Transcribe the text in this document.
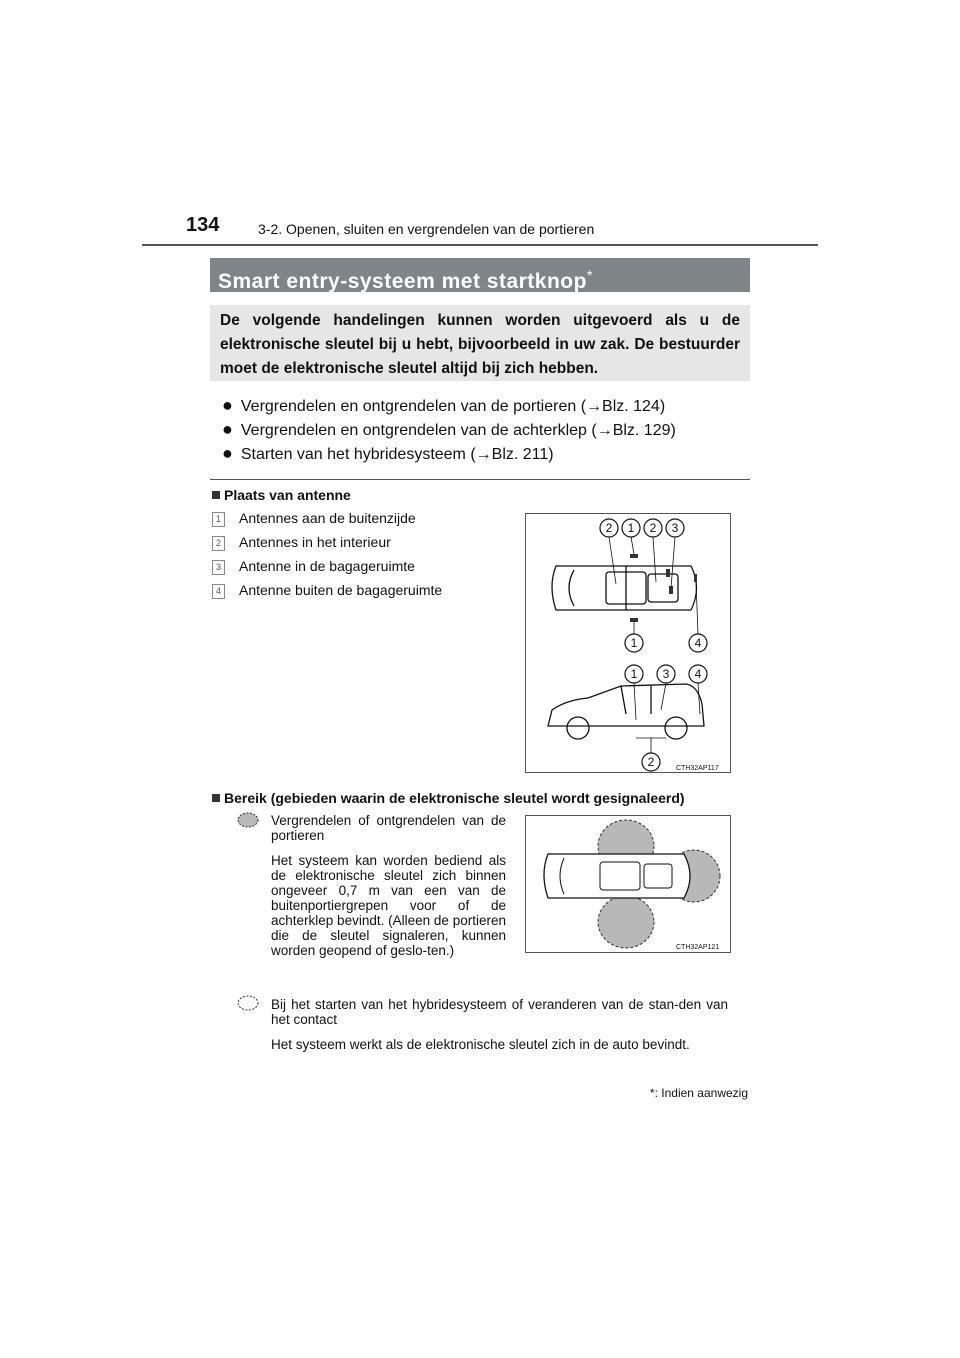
134	3-2. Openen, sluiten en vergrendelen van de portieren
Smart entry-systeem met startknop*
De volgende handelingen kunnen worden uitgevoerd als u de elektronische sleutel bij u hebt, bijvoorbeeld in uw zak. De bestuurder moet de elektronische sleutel altijd bij zich hebben.
● Vergrendelen en ontgrendelen van de portieren (→Blz. 124)
● Vergrendelen en ontgrendelen van de achterklep (→Blz. 129)
● Starten van het hybridesysteem (→Blz. 211)
Plaats van antenne
1 Antennes aan de buitenzijde
2 Antennes in het interieur
3 Antenne in de bagageruimte
4 Antenne buiten de bagageruimte
2 1 2 3
1	4
1 3 4
2	CTH32AP117
Bereik (gebieden waarin de elektronische sleutel wordt gesignaleerd)
CTH32AP121
Vergrendelen of ontgrendelen van de portieren
Het systeem kan worden bediend als de elektronische sleutel zich binnen ongeveer 0,7 m van een van de buitenportiergrepen voor of de achterklep bevindt. (Alleen de portieren die de sleutel signaleren, kunnen worden geopend of geslo-ten.)
Bij het starten van het hybridesysteem of veranderen van de stan-den van het contact
Het systeem werkt als de elektronische sleutel zich in de auto bevindt.
*: Indien aanwezig
